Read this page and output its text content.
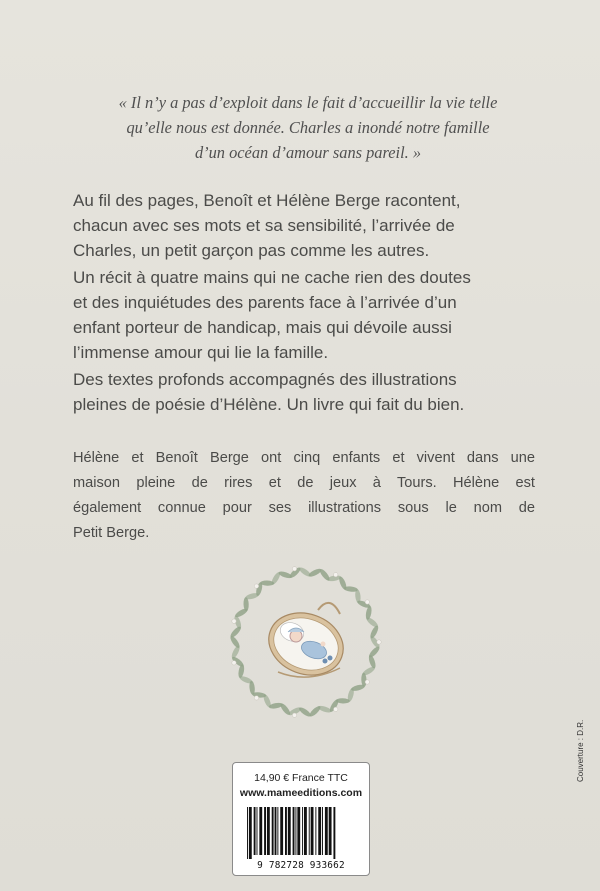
« Il n’y a pas d’exploit dans le fait d’accueillir la vie telle
qu’elle nous est donnée. Charles a inondé notre famille
d’un océan d’amour sans pareil. »
Au fil des pages, Benoît et Hélène Berge racontent,
chacun avec ses mots et sa sensibilité, l’arrivée de
Charles, un petit garçon pas comme les autres.
Un récit à quatre mains qui ne cache rien des doutes
et des inquiétudes des parents face à l’arrivée d’un
enfant porteur de handicap, mais qui dévoile aussi
l’immense amour qui lie la famille.
Des textes profonds accompagnés des illustrations
pleines de poésie d’Hélène. Un livre qui fait du bien.
Hélène et Benoît Berge ont cinq enfants et vivent dans une
maison pleine de rires et de jeux à Tours. Hélène est
également connue pour ses illustrations sous le nom de
Petit Berge.
14,90 € France TTC
www.mameeditions.com
9 782728 933662
Couverture : D.R.
